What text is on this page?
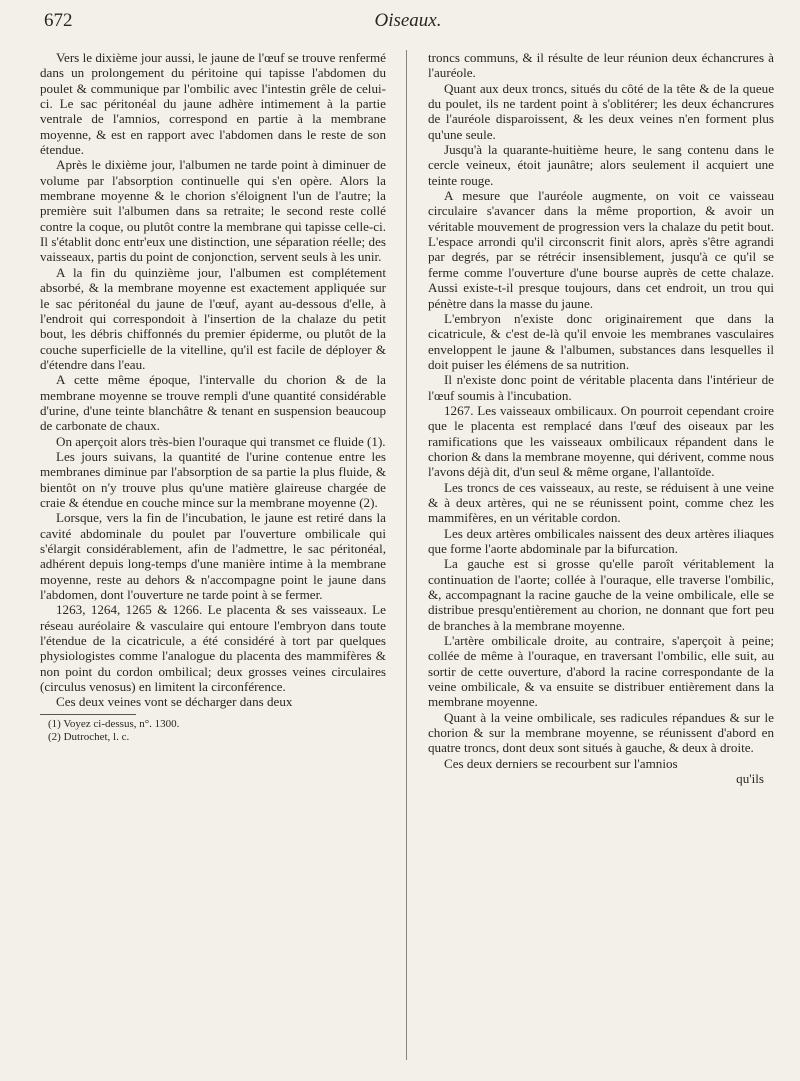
672	Oiseaux.

Vers le dixième jour aussi, le jaune de l'œuf se trouve renfermé dans un prolongement du péritoine qui tapisse l'abdomen du poulet & communique par l'ombilic avec l'intestin grêle de celui-ci. Le sac péritonéal du jaune adhère intimement à la partie ventrale de l'amnios, correspond en partie à la membrane moyenne, & est en rapport avec l'abdomen dans le reste de son étendue.

Après le dixième jour, l'albumen ne tarde point à diminuer de volume par l'absorption continuelle qui s'en opère. Alors la membrane moyenne & le chorion s'éloignent l'un de l'autre; la première suit l'albumen dans sa retraite; le second reste collé contre la coque, ou plutôt contre la membrane qui tapisse celle-ci. Il s'établit donc entr'eux une distinction, une séparation réelle; des vaisseaux, partis du point de conjonction, servent seuls à les unir.

A la fin du quinzième jour, l'albumen est complétement absorbé, & la membrane moyenne est exactement appliquée sur le sac péritonéal du jaune de l'œuf, ayant au-dessous d'elle, à l'endroit qui correspondoit à l'insertion de la chalaze du petit bout, les débris chiffonnés du premier épiderme, ou plutôt de la couche superficielle de la vitelline, qu'il est facile de déployer & d'étendre dans l'eau.

A cette même époque, l'intervalle du chorion & de la membrane moyenne se trouve rempli d'une quantité considérable d'urine, d'une teinte blanchâtre & tenant en suspension beaucoup de carbonate de chaux.

On aperçoit alors très-bien l'ouraque qui transmet ce fluide (1).

Les jours suivans, la quantité de l'urine contenue entre les membranes diminue par l'absorption de sa partie la plus fluide, & bientôt on n'y trouve plus qu'une matière glaireuse chargée de craie & étendue en couche mince sur la membrane moyenne (2).

Lorsque, vers la fin de l'incubation, le jaune est retiré dans la cavité abdominale du poulet par l'ouverture ombilicale qui s'élargit considérablement, afin de l'admettre, le sac péritonéal, adhérent depuis long-temps d'une manière intime à la membrane moyenne, reste au dehors & n'accompagne point le jaune dans l'abdomen, dont l'ouverture ne tarde point à se fermer.

1263, 1264, 1265 & 1266. Le placenta & ses vaisseaux. Le réseau auréolaire & vasculaire qui entoure l'embryon dans toute l'étendue de la cicatricule, a été considéré à tort par quelques physiologistes comme l'analogue du placenta des mammifères & non point du cordon ombilical; deux grosses veines circulaires (circulus venosus) en limitent la circonférence.

Ces deux veines vont se décharger dans deux

(1) Voyez ci-dessus, n°. 1300.

(2) Dutrochet, l. c.

troncs communs, & il résulte de leur réunion deux échancrures à l'auréole.

Quant aux deux troncs, situés du côté de la tête & de la queue du poulet, ils ne tardent point à s'oblitérer; les deux échancrures de l'auréole disparoissent, & les deux veines n'en forment plus qu'une seule.

Jusqu'à la quarante-huitième heure, le sang contenu dans le cercle veineux, étoit jaunâtre; alors seulement il acquiert une teinte rouge.

A mesure que l'auréole augmente, on voit ce vaisseau circulaire s'avancer dans la même proportion, & avoir un véritable mouvement de progression vers la chalaze du petit bout. L'espace arrondi qu'il circonscrit finit alors, après s'être agrandi par degrés, par se rétrécir insensiblement, jusqu'à ce qu'il se ferme comme l'ouverture d'une bourse auprès de cette chalaze. Aussi existe-t-il presque toujours, dans cet endroit, un trou qui pénètre dans la masse du jaune.

L'embryon n'existe donc originairement que dans la cicatricule, & c'est de-là qu'il envoie les membranes vasculaires enveloppent le jaune & l'albumen, substances dans lesquelles il doit puiser les élémens de sa nutrition.

Il n'existe donc point de véritable placenta dans l'intérieur de l'œuf soumis à l'incubation.

1267. Les vaisseaux ombilicaux. On pourroit cependant croire que le placenta est remplacé dans l'œuf des oiseaux par les ramifications que les vaisseaux ombilicaux répandent dans le chorion & dans la membrane moyenne, qui dérivent, comme nous l'avons déjà dit, d'un seul & même organe, l'allantoïde.

Les troncs de ces vaisseaux, au reste, se réduisent à une veine & à deux artères, qui ne se réunissent point, comme chez les mammifères, en un véritable cordon.

Les deux artères ombilicales naissent des deux artères iliaques que forme l'aorte abdominale par la bifurcation.

La gauche est si grosse qu'elle paroît véritablement la continuation de l'aorte; collée à l'ouraque, elle traverse l'ombilic, &, accompagnant la racine gauche de la veine ombilicale, elle se distribue presqu'entièrement au chorion, ne donnant que fort peu de branches à la membrane moyenne.

L'artère ombilicale droite, au contraire, s'aperçoit à peine; collée de même à l'ouraque, en traversant l'ombilic, elle suit, au sortir de cette ouverture, d'abord la racine correspondante de la veine ombilicale, & va ensuite se distribuer entièrement dans la membrane moyenne.

Quant à la veine ombilicale, ses radicules répandues & sur le chorion & sur la membrane moyenne, se réunissent d'abord en quatre troncs, dont deux sont situés à gauche, & deux à droite.

Ces deux derniers se recourbent sur l'amnios

qu'ils
